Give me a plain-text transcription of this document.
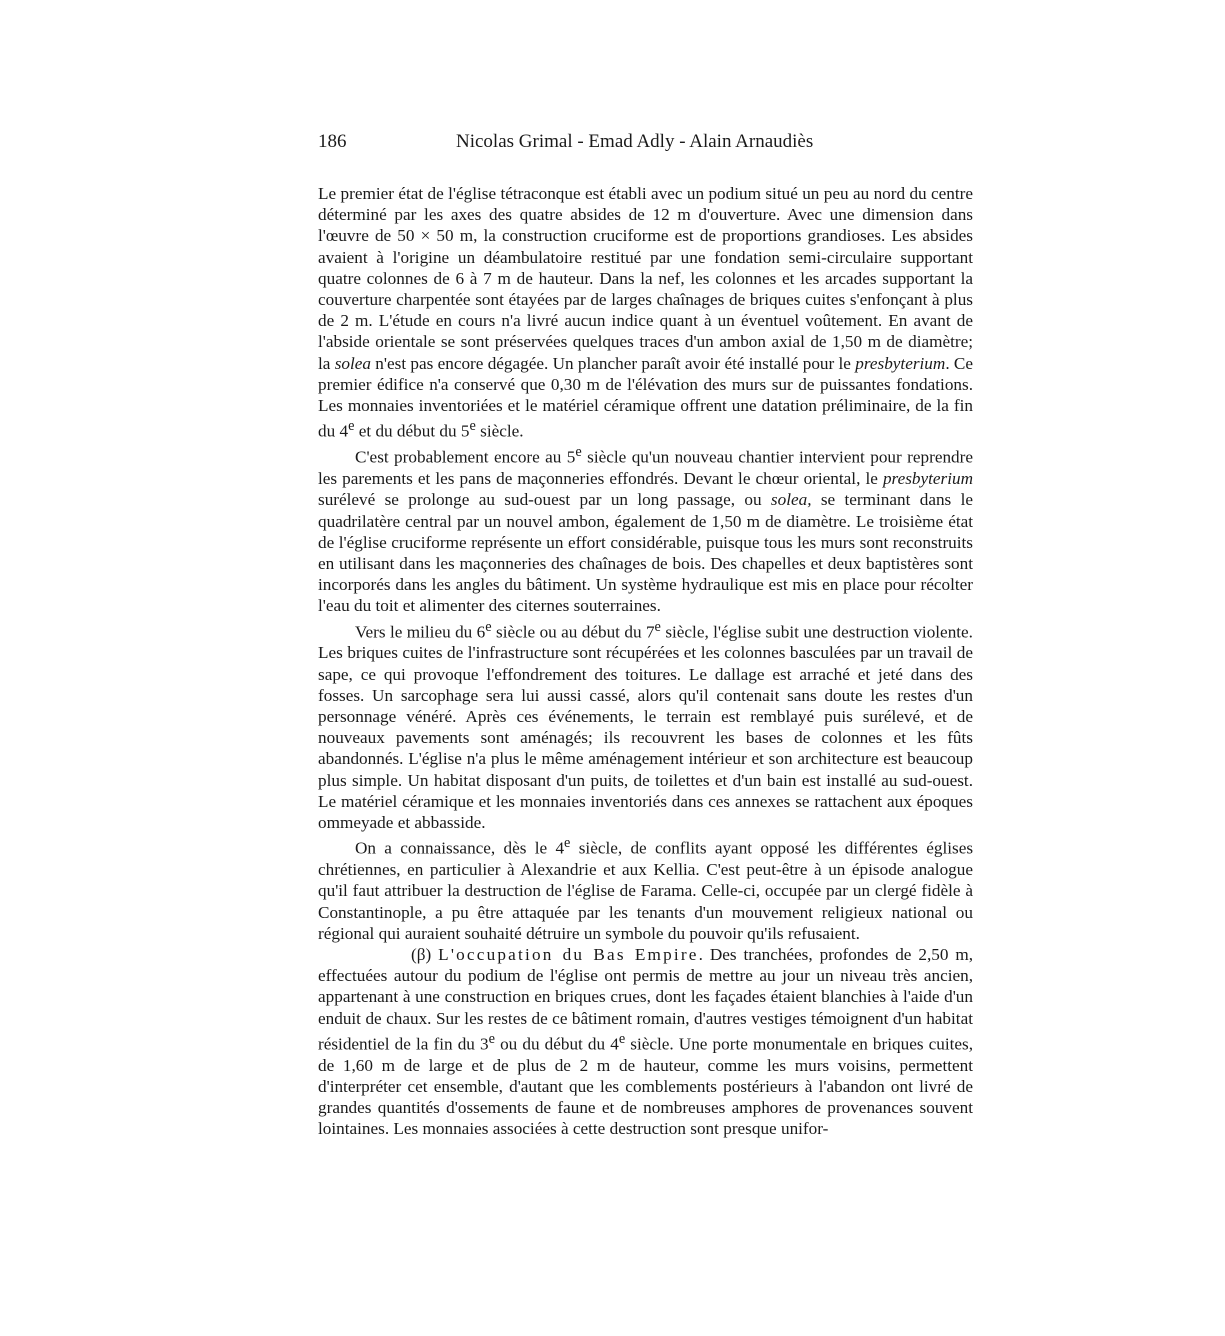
186	Nicolas Grimal - Emad Adly - Alain Arnaudiès

Le premier état de l'église tétraconque est établi avec un podium situé un peu au nord du centre déterminé par les axes des quatre absides de 12 m d'ouverture. Avec une dimension dans l'œuvre de 50 × 50 m, la construction cruciforme est de proportions grandioses. Les absides avaient à l'origine un déambulatoire restitué par une fondation semi-circulaire supportant quatre colonnes de 6 à 7 m de hauteur. Dans la nef, les colonnes et les arcades supportant la couverture charpentée sont étayées par de larges chaînages de briques cuites s'enfonçant à plus de 2 m. L'étude en cours n'a livré aucun indice quant à un éventuel voûtement. En avant de l'abside orientale se sont préservées quelques traces d'un ambon axial de 1,50 m de diamètre; la solea n'est pas encore dégagée. Un plancher paraît avoir été installé pour le presbyterium. Ce premier édifice n'a conservé que 0,30 m de l'élévation des murs sur de puissantes fondations. Les monnaies inventoriées et le matériel céramique offrent une datation préliminaire, de la fin du 4e et du début du 5e siècle.

C'est probablement encore au 5e siècle qu'un nouveau chantier intervient pour reprendre les parements et les pans de maçonneries effondrés. Devant le chœur oriental, le presbyterium surélevé se prolonge au sud-ouest par un long passage, ou solea, se terminant dans le quadrilatère central par un nouvel ambon, également de 1,50 m de diamètre. Le troisième état de l'église cruciforme représente un effort considérable, puisque tous les murs sont reconstruits en utilisant dans les maçonneries des chaînages de bois. Des chapelles et deux baptistères sont incorporés dans les angles du bâtiment. Un système hydraulique est mis en place pour récolter l'eau du toit et alimenter des citernes souterraines.

Vers le milieu du 6e siècle ou au début du 7e siècle, l'église subit une destruction violente. Les briques cuites de l'infrastructure sont récupérées et les colonnes basculées par un travail de sape, ce qui provoque l'effondrement des toitures. Le dallage est arraché et jeté dans des fosses. Un sarcophage sera lui aussi cassé, alors qu'il contenait sans doute les restes d'un personnage vénéré. Après ces événements, le terrain est remblayé puis surélevé, et de nouveaux pavements sont aménagés; ils recouvrent les bases de colonnes et les fûts abandonnés. L'église n'a plus le même aménagement intérieur et son architecture est beaucoup plus simple. Un habitat disposant d'un puits, de toilettes et d'un bain est installé au sud-ouest. Le matériel céramique et les monnaies inventoriés dans ces annexes se rattachent aux époques ommeyade et abbasside.

On a connaissance, dès le 4e siècle, de conflits ayant opposé les différentes églises chrétiennes, en particulier à Alexandrie et aux Kellia. C'est peut-être à un épisode analogue qu'il faut attribuer la destruction de l'église de Farama. Celle-ci, occupée par un clergé fidèle à Constantinople, a pu être attaquée par les tenants d'un mouvement religieux national ou régional qui auraient souhaité détruire un symbole du pouvoir qu'ils refusaient.

(β) L'occupation du Bas Empire. Des tranchées, profondes de 2,50 m, effectuées autour du podium de l'église ont permis de mettre au jour un niveau très ancien, appartenant à une construction en briques crues, dont les façades étaient blanchies à l'aide d'un enduit de chaux. Sur les restes de ce bâtiment romain, d'autres vestiges témoignent d'un habitat résidentiel de la fin du 3e ou du début du 4e siècle. Une porte monumentale en briques cuites, de 1,60 m de large et de plus de 2 m de hauteur, comme les murs voisins, permettent d'interpréter cet ensemble, d'autant que les comblements postérieurs à l'abandon ont livré de grandes quantités d'ossements de faune et de nombreuses amphores de provenances souvent lointaines. Les monnaies associées à cette destruction sont presque unifor-
